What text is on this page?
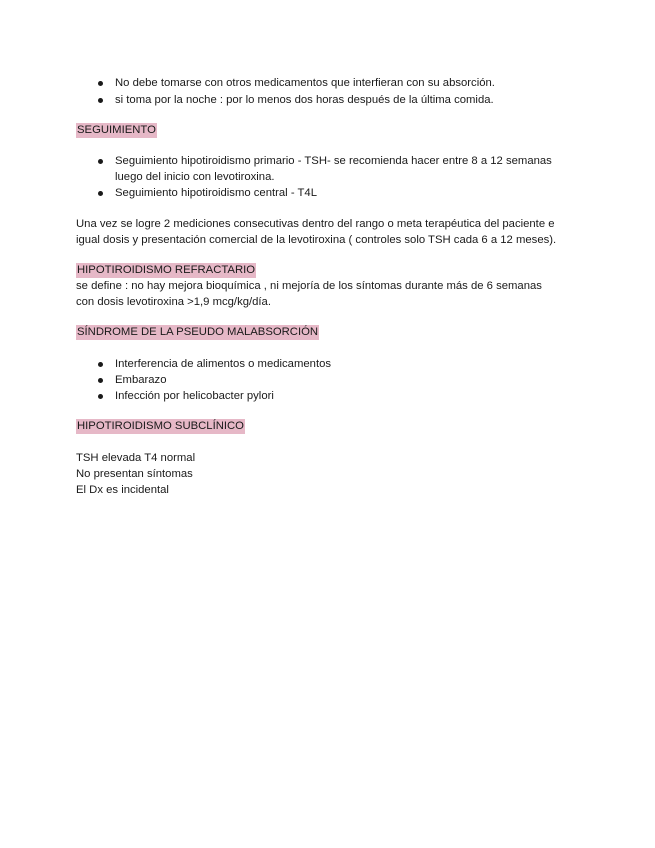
No debe tomarse con otros medicamentos que interfieran con su absorción.
si toma por la noche : por lo menos dos horas después de la última comida.
SEGUIMIENTO
Seguimiento hipotiroidismo primario - TSH- se recomienda hacer entre 8 a 12 semanas
luego del inicio con levotiroxina.
Seguimiento hipotiroidismo central - T4L
Una vez se logre 2 mediciones consecutivas dentro del rango o meta terapéutica del paciente e
igual dosis y presentación comercial de la levotiroxina ( controles solo TSH cada 6 a 12 meses).
HIPOTIROIDISMO REFRACTARIO
se define : no hay mejora bioquímica , ni mejoría de los síntomas durante más de 6 semanas
con dosis levotiroxina >1,9 mcg/kg/día.
SÍNDROME DE LA PSEUDO MALABSORCIÓN
Interferencia de alimentos o medicamentos
Embarazo
Infección por helicobacter pylori
HIPOTIROIDISMO SUBCLÍNICO
TSH elevada T4 normal
No presentan síntomas
El Dx es incidental
